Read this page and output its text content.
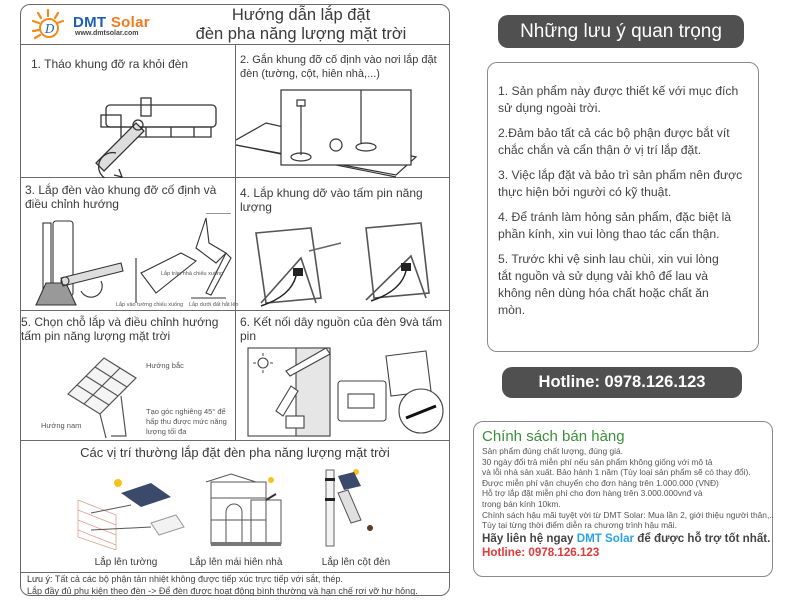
D DMT Solar
www.dmtsolar.com
Hướng dẫn lắp đặt
đèn pha năng lượng mặt trời
1. Tháo khung đỡ ra khỏi đèn	2. Gắn khung đỡ cố định vào nơi lắp đặt đèn (tường, cột, hiên nhà,...)
3. Lắp đèn vào khung đỡ cố định và điều chỉnh hướng
Lắp trần nhà chiếu xuống
Lắp vào tường chiếu xuống Lắp dưới đất hắt lên
4. Lắp khung dỡ vào tấm pin năng lượng
5. Chọn chỗ lắp và điều chỉnh hướng tấm pin năng lượng mặt trời
Hướng bắc
Hướng nam
Tạo góc nghiêng 45° để hấp thu được mức năng lượng tối đa
6. Kết nối dây nguồn của đèn 9và tấm pin
Các vị trí thường lắp đặt đèn pha năng lượng mặt trời
Lắp lên tường	Lắp lên mái hiên nhà	Lắp lên cột đèn
Lưu ý: Tất cả các bộ phận tản nhiệt không được tiếp xúc trực tiếp với sắt, thép.
Lắp đầy đủ phụ kiện theo đèn -> Để đèn được hoạt động bình thường và hạn chế rơi vỡ hư hỏng.
Những lưu ý quan trọng
1. Sản phẩm này được thiết kế với mục đích sử dụng ngoài trời.
2.Đảm bảo tất cả các bộ phận được bắt vít chắc chắn và cẩn thận ở vị trí lắp đặt.
3. Việc lắp đặt và bảo trì sản phẩm nên được thực hiện bởi người có kỹ thuật.
4. Để tránh làm hỏng sản phẩm, đặc biệt là phần kính, xin vui lòng thao tác cẩn thận.
5. Trước khi vệ sinh lau chùi, xin vui lòng tắt nguồn và sử dụng vải khô để lau và không nên dùng hóa chất hoặc chất ăn mòn.
Hotline: 0978.126.123
Chính sách bán hàng
Sản phẩm đúng chất lượng, đúng giá.
30 ngày đổi trả miễn phí nếu sản phẩm không giống với mô tả
và lỗi nhà sản xuất. Bảo hành 1 năm (Tùy loại sản phẩm sẽ có thay đổi).
Được miễn phí vận chuyển cho đơn hàng trên 1.000.000 (VNĐ)
Hỗ trợ lắp đặt miễn phí cho đơn hàng trên 3.000.000vnđ và
trong bán kính 10km.
Chính sách hậu mãi tuyệt vời từ DMT Solar: Mua lần 2, giới thiệu người thân,..
Tùy tại từng thời điểm diễn ra chương trình hậu mãi.
Hãy liên hệ ngay DMT Solar để được hỗ trợ tốt nhất.
Hotline: 0978.126.123
